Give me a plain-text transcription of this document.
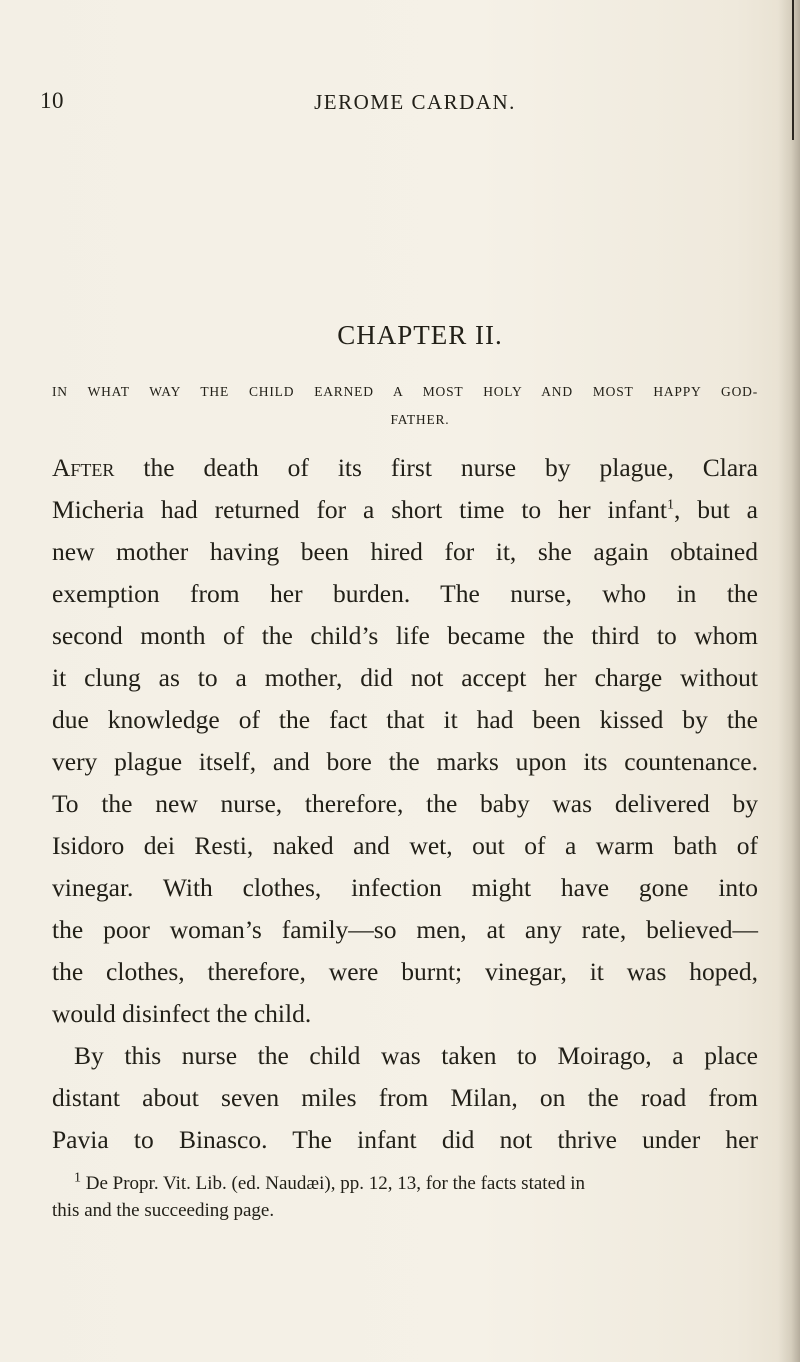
10	JEROME CARDAN.
CHAPTER II.
IN WHAT WAY THE CHILD EARNED A MOST HOLY AND MOST HAPPY GOD-
FATHER.
After the death of its first nurse by plague, Clara
Micheria had returned for a short time to her infant$^1$, but a
new mother having been hired for it, she again obtained
exemption from her burden. The nurse, who in the
second month of the child’s life became the third to whom
it clung as to a mother, did not accept her charge without
due knowledge of the fact that it had been kissed by the
very plague itself, and bore the marks upon its countenance.
To the new nurse, therefore, the baby was delivered by
Isidoro dei Resti, naked and wet, out of a warm bath of
vinegar. With clothes, infection might have gone into
the poor woman’s family—so men, at any rate, believed—
the clothes, therefore, were burnt; vinegar, it was hoped,
would disinfect the child.
By this nurse the child was taken to Moirago, a place
distant about seven miles from Milan, on the road from
Pavia to Binasco. The infant did not thrive under her
$^1$ De Propr. Vit. Lib. (ed. Naudæi), pp. 12, 13, for the facts stated in
this and the succeeding page.
